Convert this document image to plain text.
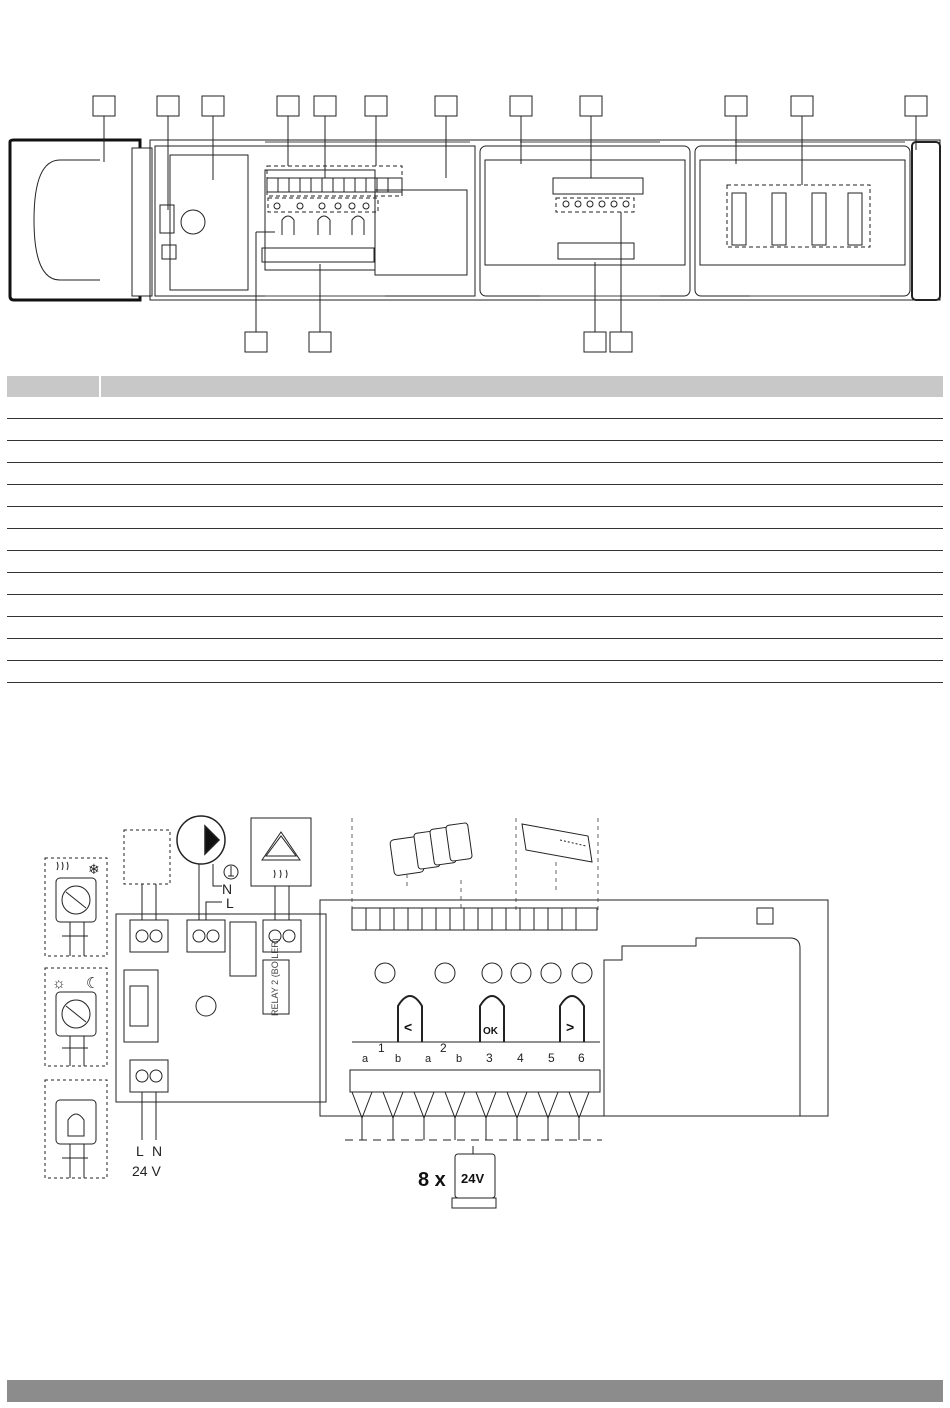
❄
☼ ☾
N
L
RELAY 2 (BOILER)
L N
24 V
<	OK	>
a
1
b a
2
b 3 4 5 6
8 x 24V
